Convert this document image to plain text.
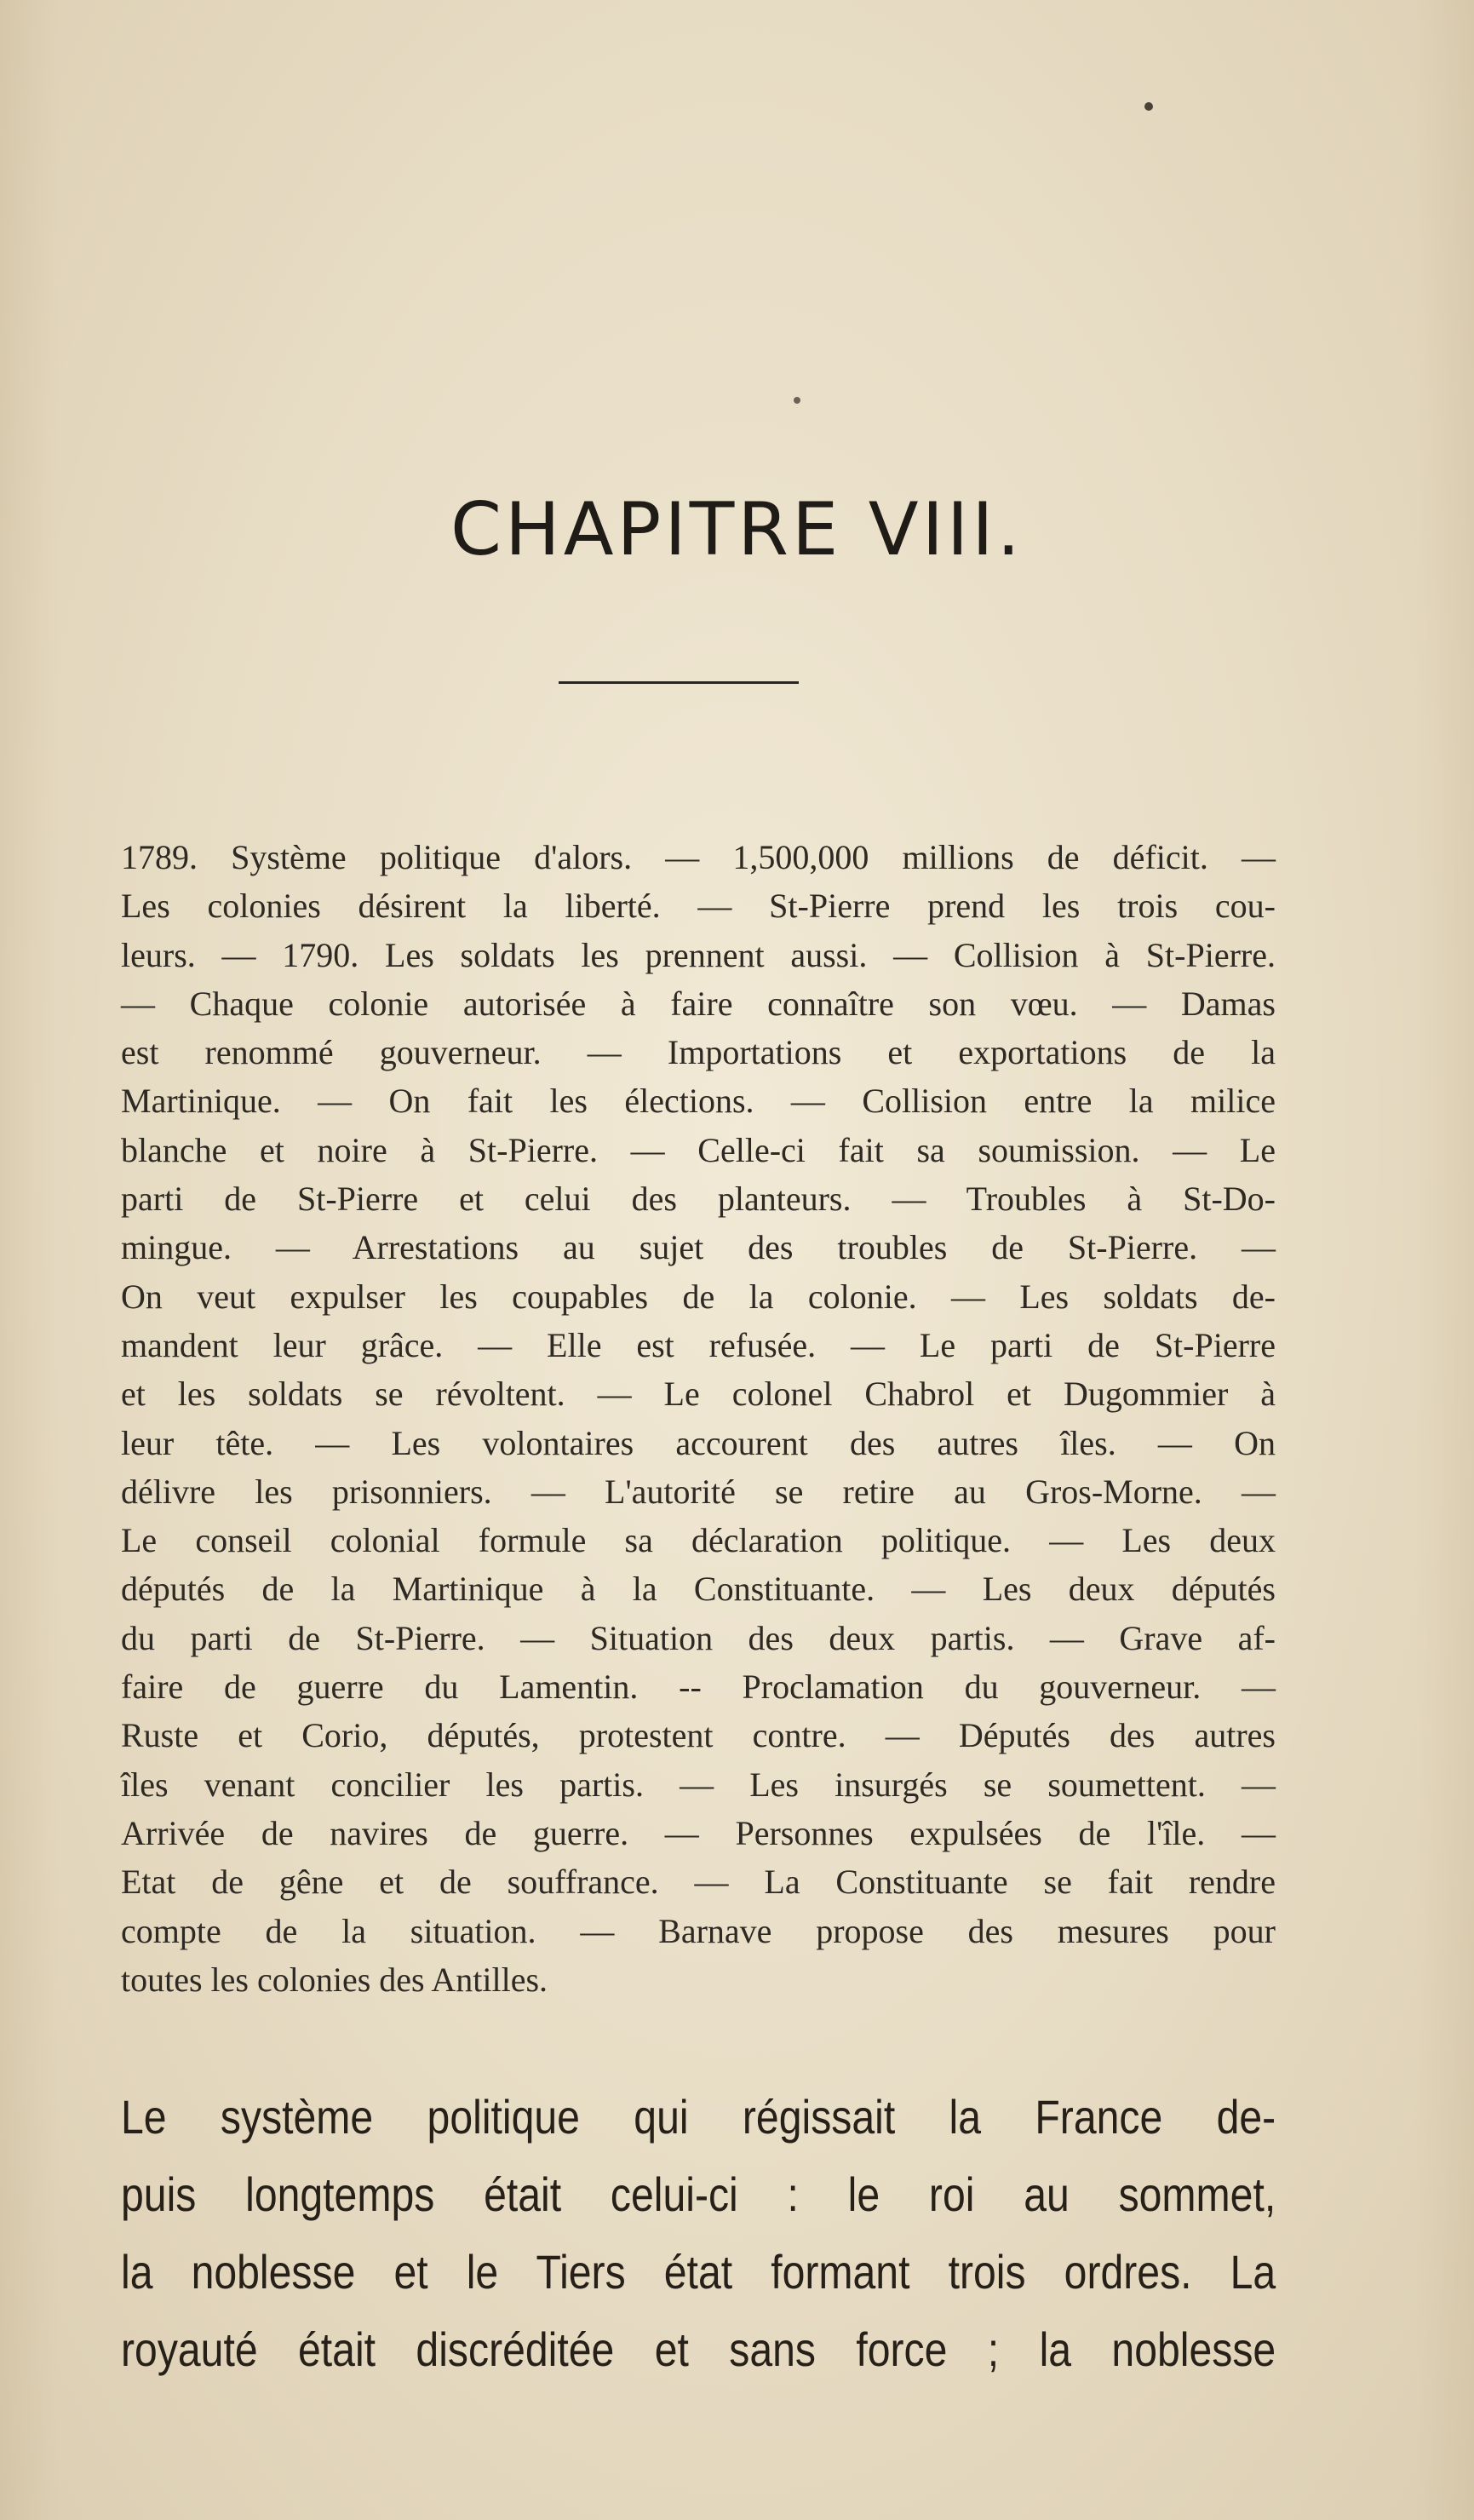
CHAPITRE VIII.
1789. Système politique d'alors. — 1,500,000 millions de déficit. —
Les colonies désirent la liberté. — St-Pierre prend les trois cou-
leurs. — 1790. Les soldats les prennent aussi. — Collision à St-Pierre.
— Chaque colonie autorisée à faire connaître son vœu. — Damas
est renommé gouverneur. — Importations et exportations de la
Martinique. — On fait les élections. — Collision entre la milice
blanche et noire à St-Pierre. — Celle-ci fait sa soumission. — Le
parti de St-Pierre et celui des planteurs. — Troubles à St-Do-
mingue. — Arrestations au sujet des troubles de St-Pierre. —
On veut expulser les coupables de la colonie. — Les soldats de-
mandent leur grâce. — Elle est refusée. — Le parti de St-Pierre
et les soldats se révoltent. — Le colonel Chabrol et Dugommier à
leur tête. — Les volontaires accourent des autres îles. — On
délivre les prisonniers. — L'autorité se retire au Gros-Morne. —
Le conseil colonial formule sa déclaration politique. — Les deux
députés de la Martinique à la Constituante. — Les deux députés
du parti de St-Pierre. — Situation des deux partis. — Grave af-
faire de guerre du Lamentin. -- Proclamation du gouverneur. —
Ruste et Corio, députés, protestent contre. — Députés des autres
îles venant concilier les partis. — Les insurgés se soumettent. —
Arrivée de navires de guerre. — Personnes expulsées de l'île. —
Etat de gêne et de souffrance. — La Constituante se fait rendre
compte de la situation. — Barnave propose des mesures pour
toutes les colonies des Antilles.
Le système politique qui régissait la France de-
puis longtemps était celui-ci : le roi au sommet,
la noblesse et le Tiers état formant trois ordres. La
royauté était discréditée et sans force ; la noblesse
